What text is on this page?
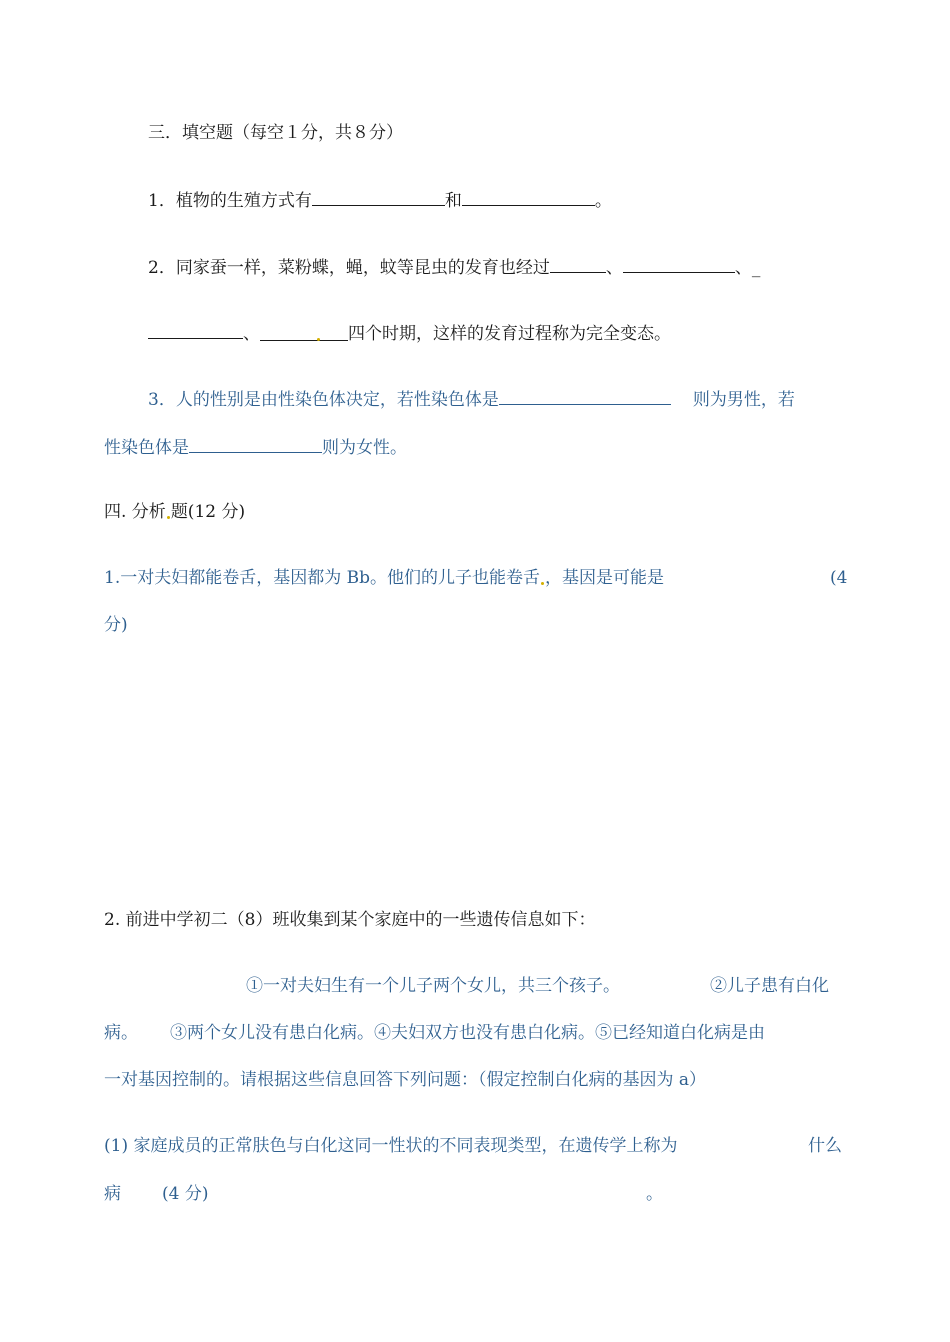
三．填空题（每空１分，共８分）
1．植物的生殖方式有	和	。
2．同家蚕一样，菜粉蝶，蝇，蚊等昆虫的发育也经过	、	、_
、	四个时期，这样的发育过程称为完全变态。
3．人的性别是由性染色体决定，若性染色体是	则为男性，若
性染色体是	则为女性。
四. 分析 题(12 分)
1.一对夫妇都能卷舌，基因都为 Bb。他们的儿子也能卷舌 ，基因是可能是	(4
分)
2. 前进中学初二（8）班收集到某个家庭中的一些遗传信息如下：
①一对夫妇生有一个儿子两个女儿，共三个孩子。	②儿子患有白化
病。 ③两个女儿没有患白化病。④夫妇双方也没有患白化病。⑤已经知道白化病是由
一对基因控制的。请根据这些信息回答下列问题：（假定控制白化病的基因为 a）
(1) 家庭成员的正常肤色与白化这同一性状的不同表现类型，在遗传学上称为	什么
病 (4 分)	。
